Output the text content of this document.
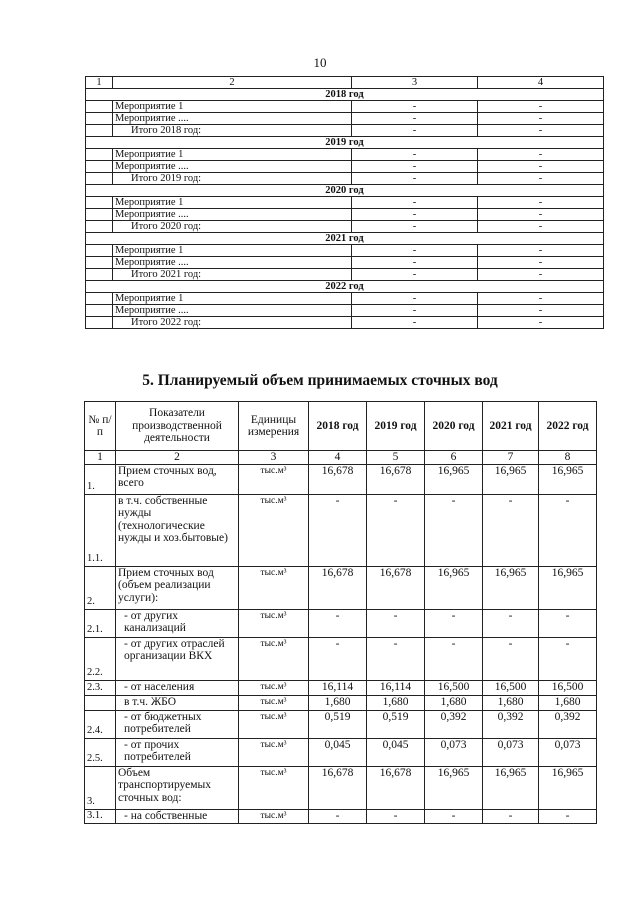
10
1	2	3	4
2018 год			
	Мероприятие 1	-	-
	Мероприятие ....	-	-
	Итого 2018 год:	-	-
2019 год			
	Мероприятие 1	-	-
	Мероприятие ....	-	-
	Итого 2019 год:	-	-
2020 год			
	Мероприятие 1	-	-
	Мероприятие ....	-	-
	Итого 2020 год:	-	-
2021 год			
	Мероприятие 1	-	-
	Мероприятие ....	-	-
	Итого 2021 год:	-	-
2022 год			
	Мероприятие 1	-	-
	Мероприятие ....	-	-
	Итого 2022 год:	-	-
5. Планируемый объем принимаемых сточных вод
№ п/п	Показатели производственной деятельности	Единицы измерения	2018 год	2019 год	2020 год	2021 год	2022 год
1	2	3	4	5	6	7	8
1.	Прием сточных вод, всего	тыс.м³	16,678	16,678	16,965	16,965	16,965
1.1.	в т.ч. собственные нужды (технологические нужды и хоз.бытовые)	тыс.м³	-	-	-	-	-
2.	Прием сточных вод (объем реализации услуги):	тыс.м³	16,678	16,678	16,965	16,965	16,965
2.1.	- от других канализаций	тыс.м³	-	-	-	-	-
2.2.	- от других отраслей организации ВКХ	тыс.м³	-	-	-	-	-
2.3.	- от населения	тыс.м³	16,114	16,114	16,500	16,500	16,500
	в т.ч. ЖБО	тыс.м³	1,680	1,680	1,680	1,680	1,680
2.4.	- от бюджетных потребителей	тыс.м³	0,519	0,519	0,392	0,392	0,392
2.5.	- от прочих потребителей	тыс.м³	0,045	0,045	0,073	0,073	0,073
3.	Объем транспортируемых сточных вод:	тыс.м³	16,678	16,678	16,965	16,965	16,965
3.1.	- на собственные	тыс.м³	-	-	-	-	-
